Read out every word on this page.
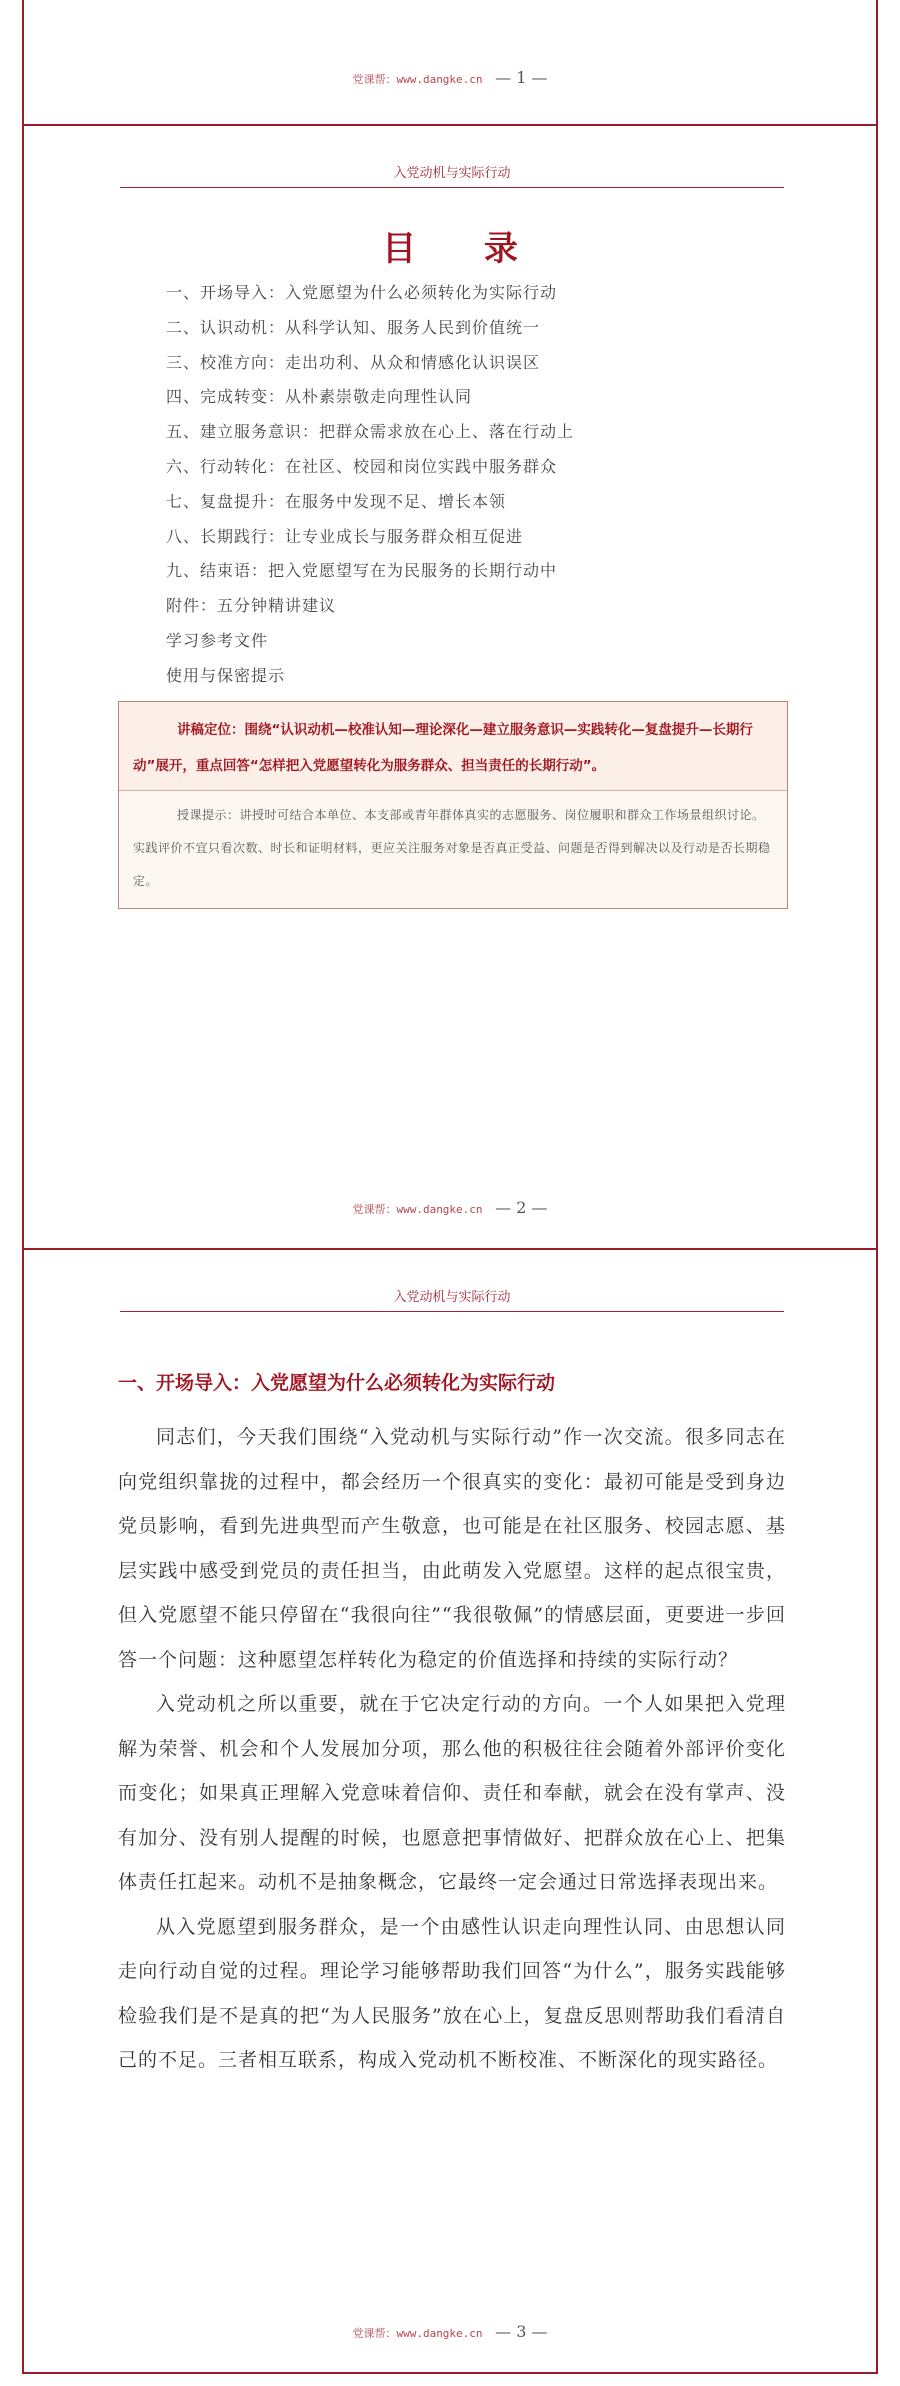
党课帮：www.dangke.cn — 1 —
入党动机与实际行动
目 录
一、开场导入：入党愿望为什么必须转化为实际行动
二、认识动机：从科学认知、服务人民到价值统一
三、校准方向：走出功利、从众和情感化认识误区
四、完成转变：从朴素崇敬走向理性认同
五、建立服务意识：把群众需求放在心上、落在行动上
六、行动转化：在社区、校园和岗位实践中服务群众
七、复盘提升：在服务中发现不足、增长本领
八、长期践行：让专业成长与服务群众相互促进
九、结束语：把入党愿望写在为民服务的长期行动中
附件：五分钟精讲建议
学习参考文件
使用与保密提示
讲稿定位：围绕“认识动机—校准认知—理论深化—建立服务意识—实践转化—复盘提升—长期行动”展开，重点回答“怎样把入党愿望转化为服务群众、担当责任的长期行动”。
授课提示：讲授时可结合本单位、本支部或青年群体真实的志愿服务、岗位履职和群众工作场景组织讨论。实践评价不宜只看次数、时长和证明材料，更应关注服务对象是否真正受益、问题是否得到解决以及行动是否长期稳定。
党课帮：www.dangke.cn — 2 —
入党动机与实际行动
一、开场导入：入党愿望为什么必须转化为实际行动

同志们，今天我们围绕“入党动机与实际行动”作一次交流。很多同志在向党组织靠拢的过程中，都会经历一个很真实的变化：最初可能是受到身边党员影响，看到先进典型而产生敬意，也可能是在社区服务、校园志愿、基层实践中感受到党员的责任担当，由此萌发入党愿望。这样的起点很宝贵，但入党愿望不能只停留在“我很向往”“我很敬佩”的情感层面，更要进一步回答一个问题：这种愿望怎样转化为稳定的价值选择和持续的实际行动？

入党动机之所以重要，就在于它决定行动的方向。一个人如果把入党理解为荣誉、机会和个人发展加分项，那么他的积极往往会随着外部评价变化而变化；如果真正理解入党意味着信仰、责任和奉献，就会在没有掌声、没有加分、没有别人提醒的时候，也愿意把事情做好、把群众放在心上、把集体责任扛起来。动机不是抽象概念，它最终一定会通过日常选择表现出来。

从入党愿望到服务群众，是一个由感性认识走向理性认同、由思想认同走向行动自觉的过程。理论学习能够帮助我们回答“为什么”，服务实践能够检验我们是不是真的把“为人民服务”放在心上，复盘反思则帮助我们看清自己的不足。三者相互联系，构成入党动机不断校准、不断深化的现实路径。

党课帮：www.dangke.cn — 3 —
